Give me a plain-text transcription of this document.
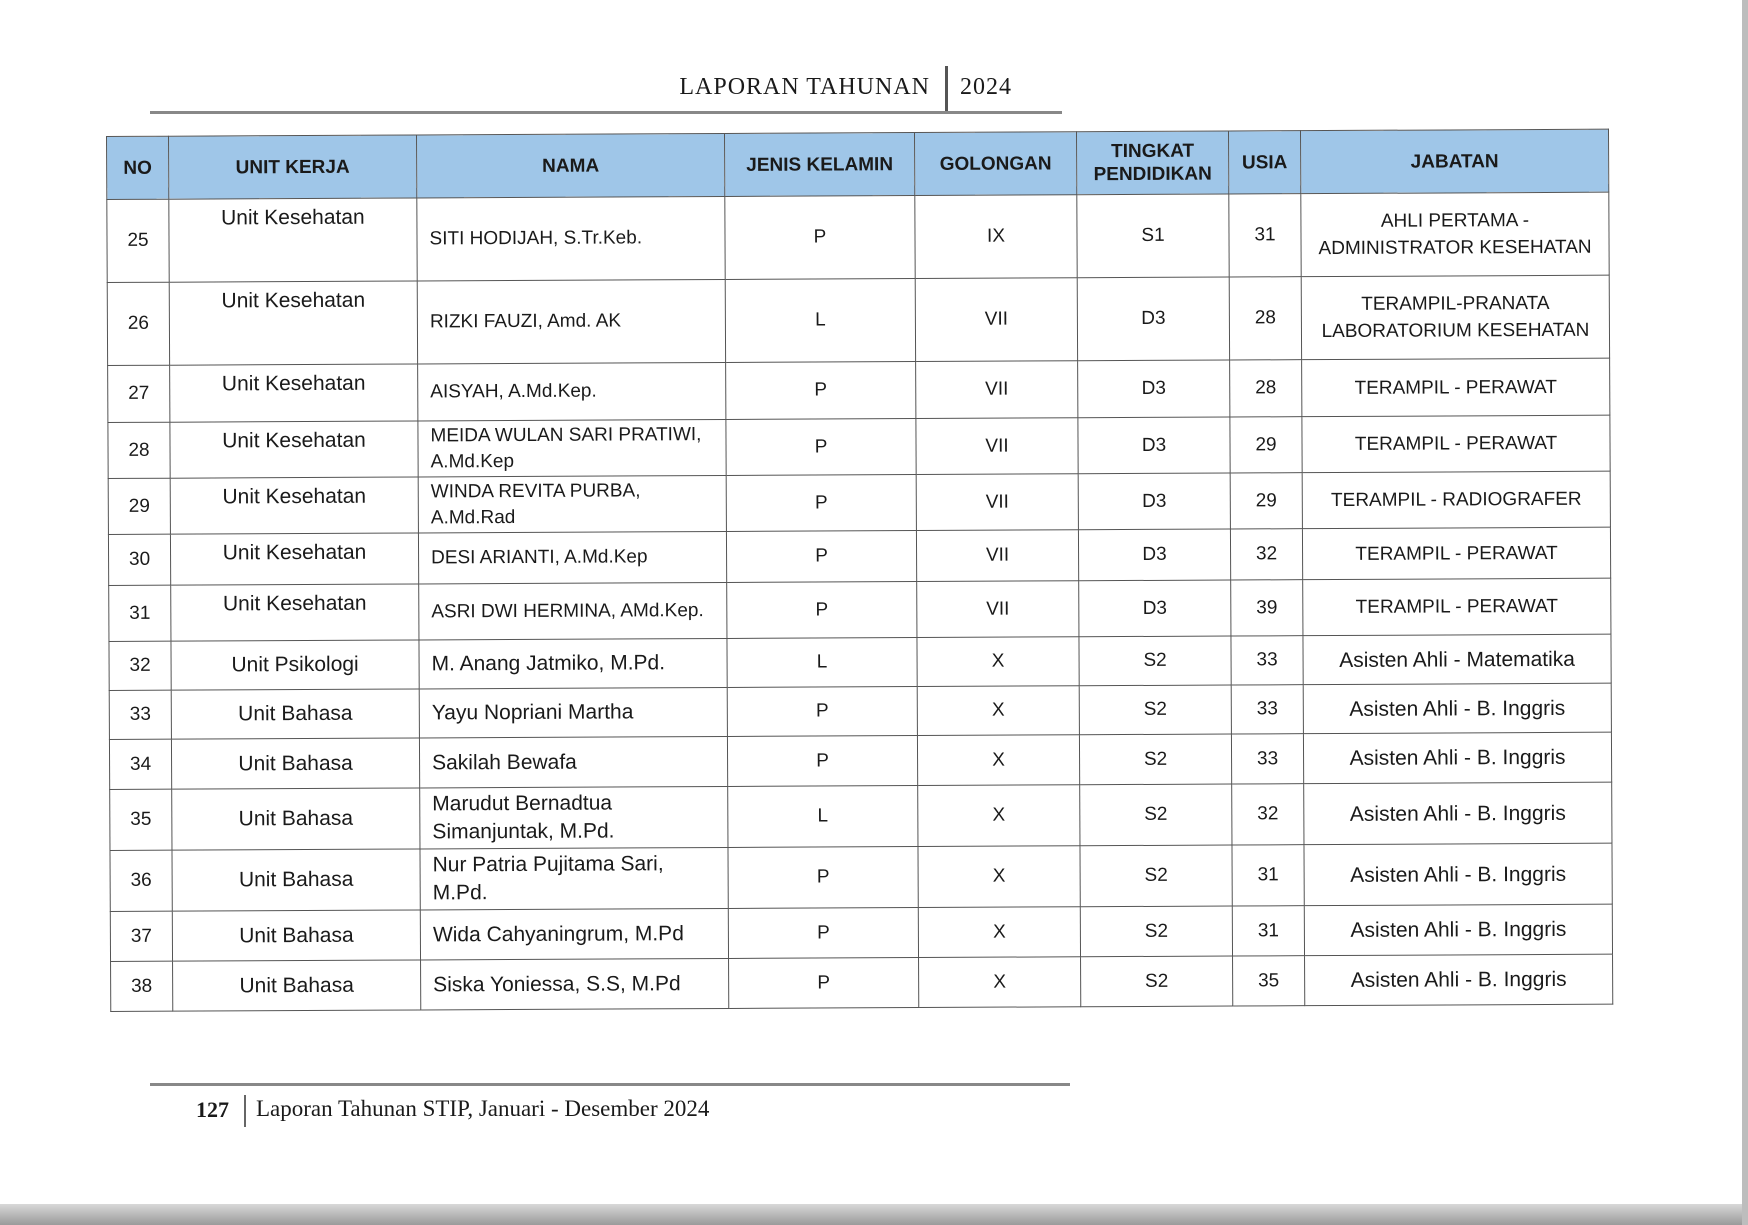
LAPORAN TAHUNAN 2024
NO	UNIT KERJA	NAMA	JENIS KELAMIN	GOLONGAN	TINGKAT PENDIDIKAN	USIA	JABATAN
25	Unit Kesehatan	SITI HODIJAH, S.Tr.Keb.	P	IX	S1	31	AHLI PERTAMA - ADMINISTRATOR KESEHATAN
26	Unit Kesehatan	RIZKI FAUZI, Amd. AK	L	VII	D3	28	TERAMPIL-PRANATA LABORATORIUM KESEHATAN
27	Unit Kesehatan	AISYAH, A.Md.Kep.	P	VII	D3	28	TERAMPIL - PERAWAT
28	Unit Kesehatan	MEIDA WULAN SARI PRATIWI, A.Md.Kep	P	VII	D3	29	TERAMPIL - PERAWAT
29	Unit Kesehatan	WINDA REVITA PURBA, A.Md.Rad	P	VII	D3	29	TERAMPIL - RADIOGRAFER
30	Unit Kesehatan	DESI ARIANTI, A.Md.Kep	P	VII	D3	32	TERAMPIL - PERAWAT
31	Unit Kesehatan	ASRI DWI HERMINA, AMd.Kep.	P	VII	D3	39	TERAMPIL - PERAWAT
32	Unit Psikologi	M. Anang Jatmiko, M.Pd.	L	X	S2	33	Asisten Ahli - Matematika
33	Unit Bahasa	Yayu Nopriani Martha	P	X	S2	33	Asisten Ahli - B. Inggris
34	Unit Bahasa	Sakilah Bewafa	P	X	S2	33	Asisten Ahli - B. Inggris
35	Unit Bahasa	Marudut Bernadtua Simanjuntak, M.Pd.	L	X	S2	32	Asisten Ahli - B. Inggris
36	Unit Bahasa	Nur Patria Pujitama Sari, M.Pd.	P	X	S2	31	Asisten Ahli - B. Inggris
37	Unit Bahasa	Wida Cahyaningrum, M.Pd	P	X	S2	31	Asisten Ahli - B. Inggris
38	Unit Bahasa	Siska Yoniessa, S.S, M.Pd	P	X	S2	35	Asisten Ahli - B. Inggris
127 Laporan Tahunan STIP, Januari - Desember 2024
